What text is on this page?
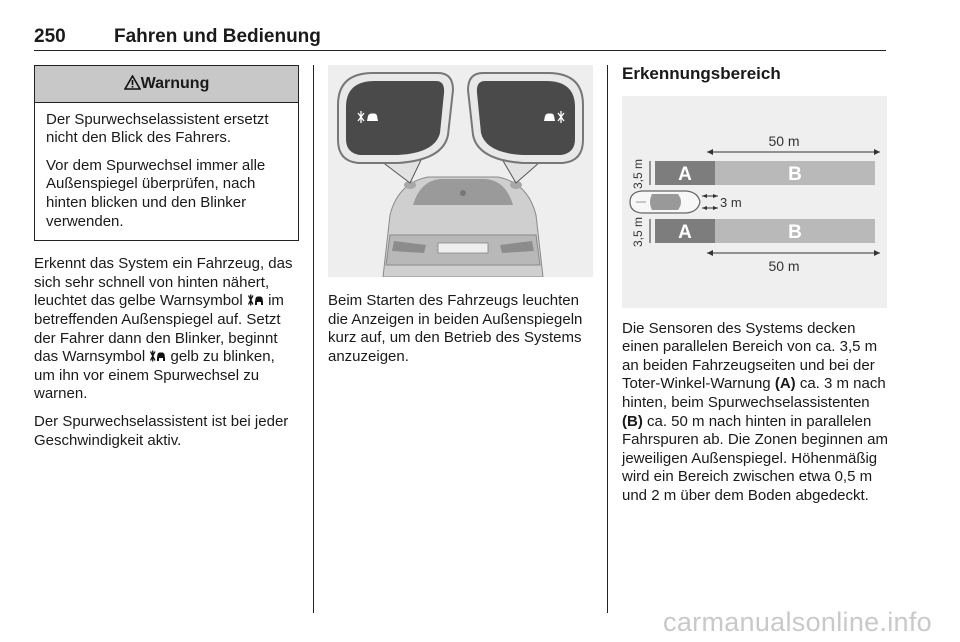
250	Fahren und Bedienung
Warnung

Der Spurwechselassistent ersetzt nicht den Blick des Fahrers.

Vor dem Spurwechsel immer alle Außenspiegel überprüfen, nach hinten blicken und den Blinker verwenden.

Erkennt das System ein Fahrzeug, das sich sehr schnell von hinten nähert, leuchtet das gelbe Warnsymbol im betreffenden Außenspiegel auf. Setzt der Fahrer dann den Blinker, beginnt das Warnsymbol gelb zu blinken, um ihn vor einem Spurwechsel zu warnen.

Der Spurwechselassistent ist bei jeder Geschwindigkeit aktiv.

Beim Starten des Fahrzeugs leuchten die Anzeigen in beiden Außenspiegeln kurz auf, um den Betrieb des Systems anzuzeigen.

Erkennungsbereich
50 m
A	B
A	B
50 m
3,5 m
3,5 m
3 m

Die Sensoren des Systems decken einen parallelen Bereich von ca. 3,5 m an beiden Fahrzeugseiten und bei der Toter-Winkel-Warnung (A) ca. 3 m nach hinten, beim Spurwechselassistenten (B) ca. 50 m nach hinten in parallelen Fahrspuren ab. Die Zonen beginnen am jeweiligen Außenspiegel. Höhenmäßig wird ein Bereich zwischen etwa 0,5 m und 2 m über dem Boden abgedeckt.

carmanualsonline.info
